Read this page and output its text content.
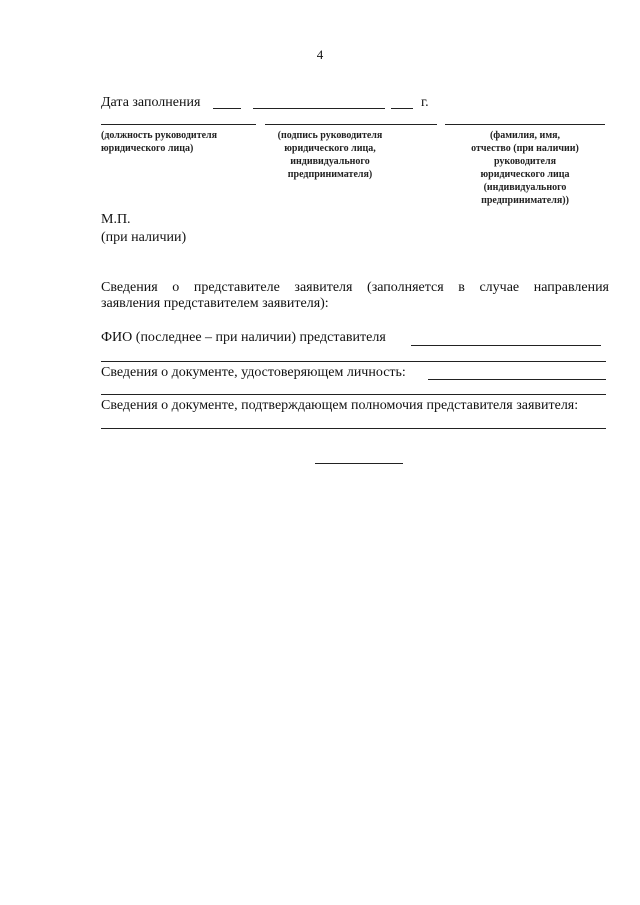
4
Дата заполнения	г.
(должность руководителя
юридического лица)
(подпись руководителя
юридического лица,
индивидуального
предпринимателя)
(фамилия, имя,
отчество (при наличии)
руководителя
юридического лица
(индивидуального
предпринимателя))
М.П.
(при наличии)
Сведения о представителе заявителя (заполняется в случае направления
заявления представителем заявителя):
ФИО (последнее – при наличии) представителя
Сведения о документе, удостоверяющем личность:
Сведения о документе, подтверждающем полномочия представителя заявителя:
